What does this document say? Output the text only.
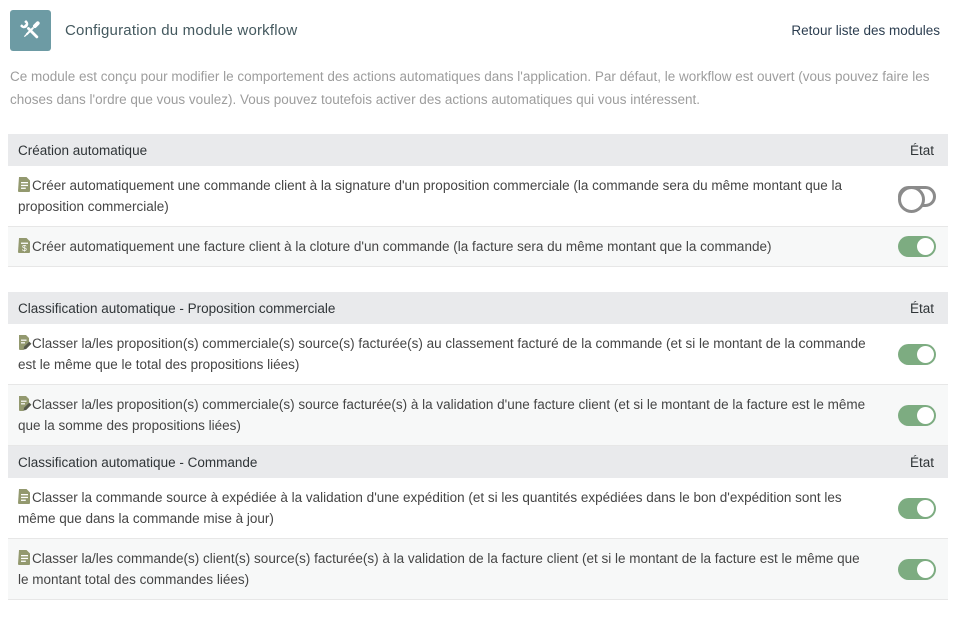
Configuration du module workflow	Retour liste des modules
Ce module est conçu pour modifier le comportement des actions automatiques dans l'application. Par défaut, le workflow est ouvert (vous pouvez faire les choses dans l'ordre que vous voulez). Vous pouvez toutefois activer des actions automatiques qui vous intéressent.
Création automatique	État
Créer automatiquement une commande client à la signature d'un proposition commerciale (la commande sera du même montant que la proposition commerciale)
$ Créer automatiquement une facture client à la cloture d'un commande (la facture sera du même montant que la commande)
Classification automatique - Proposition commerciale	État
Classer la/les proposition(s) commerciale(s) source(s) facturée(s) au classement facturé de la commande (et si le montant de la commande est le même que le total des propositions liées)
Classer la/les proposition(s) commerciale(s) source facturée(s) à la validation d'une facture client (et si le montant de la facture est le même que la somme des propositions liées)
Classification automatique - Commande	État
Classer la commande source à expédiée à la validation d'une expédition (et si les quantités expédiées dans le bon d'expédition sont les même que dans la commande mise à jour)
Classer la/les commande(s) client(s) source(s) facturée(s) à la validation de la facture client (et si le montant de la facture est le même que le montant total des commandes liées)
